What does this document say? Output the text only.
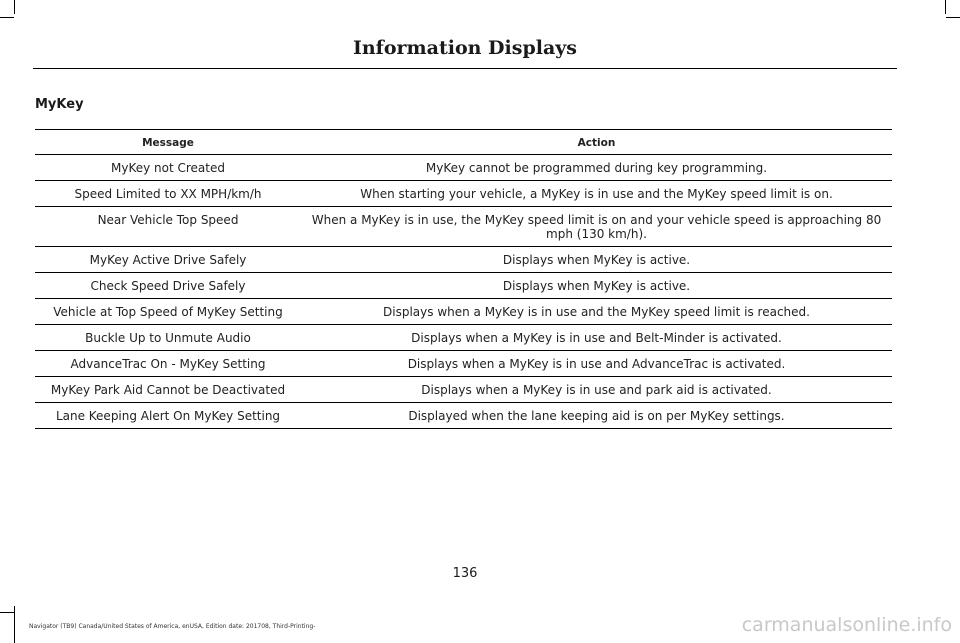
Information Displays
MyKey
Message	Action
MyKey not Created	MyKey cannot be programmed during key programming.
Speed Limited to XX MPH/km/h	When starting your vehicle, a MyKey is in use and the MyKey speed limit is on.
Near Vehicle Top Speed	When a MyKey is in use, the MyKey speed limit is on and your vehicle speed is approaching 80 mph (130 km/h).
MyKey Active Drive Safely	Displays when MyKey is active.
Check Speed Drive Safely	Displays when MyKey is active.
Vehicle at Top Speed of MyKey Setting	Displays when a MyKey is in use and the MyKey speed limit is reached.
Buckle Up to Unmute Audio	Displays when a MyKey is in use and Belt-Minder is activated.
AdvanceTrac On - MyKey Setting	Displays when a MyKey is in use and AdvanceTrac is activated.
MyKey Park Aid Cannot be Deactivated	Displays when a MyKey is in use and park aid is activated.
Lane Keeping Alert On MyKey Setting	Displayed when the lane keeping aid is on per MyKey settings.
136
Navigator (TB9) Canada/United States of America, enUSA, Edition date: 201708, Third-Printing-	carmanualsonline.info
